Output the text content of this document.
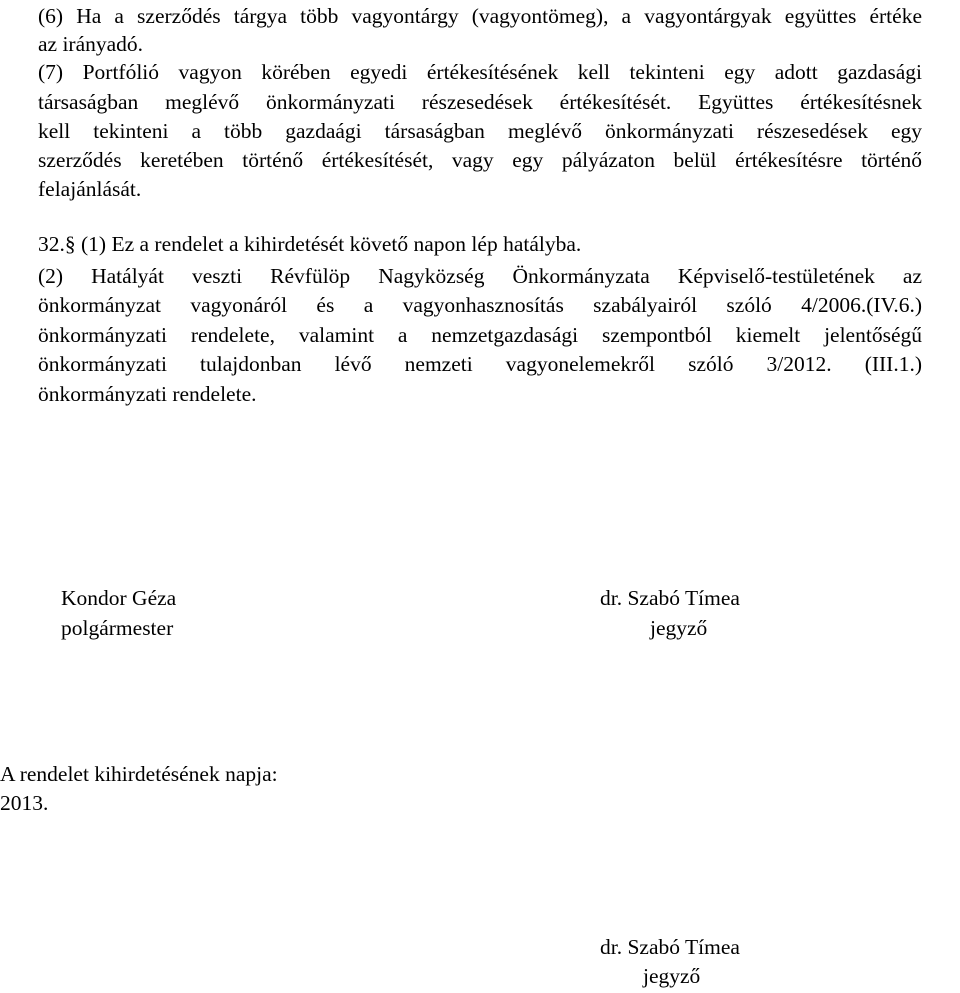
(6) Ha a szerződés tárgya több vagyontárgy (vagyontömeg), a vagyontárgyak együttes értéke
az irányadó.
(7) Portfólió vagyon körében egyedi értékesítésének kell tekinteni egy adott gazdasági
társaságban meglévő önkormányzati részesedések értékesítését. Együttes értékesítésnek
kell tekinteni a több gazdaági társaságban meglévő önkormányzati részesedések egy
szerződés keretében történő értékesítését, vagy egy pályázaton belül értékesítésre történő
felajánlását.
32.§ (1) Ez a rendelet a kihirdetését követő napon lép hatályba.
(2) Hatályát veszti Révfülöp Nagyközség Önkormányzata Képviselő-testületének az
önkormányzat vagyonáról és a vagyonhasznosítás szabályairól szóló 4/2006.(IV.6.)
önkormányzati rendelete, valamint a nemzetgazdasági szempontból kiemelt jelentőségű
önkormányzati tulajdonban lévő nemzeti vagyonelemekről szóló 3/2012. (III.1.)
önkormányzati rendelete.
Kondor Géza
polgármester
dr. Szabó Tímea
jegyző
A rendelet kihirdetésének napja:
2013.
dr. Szabó Tímea
jegyző
